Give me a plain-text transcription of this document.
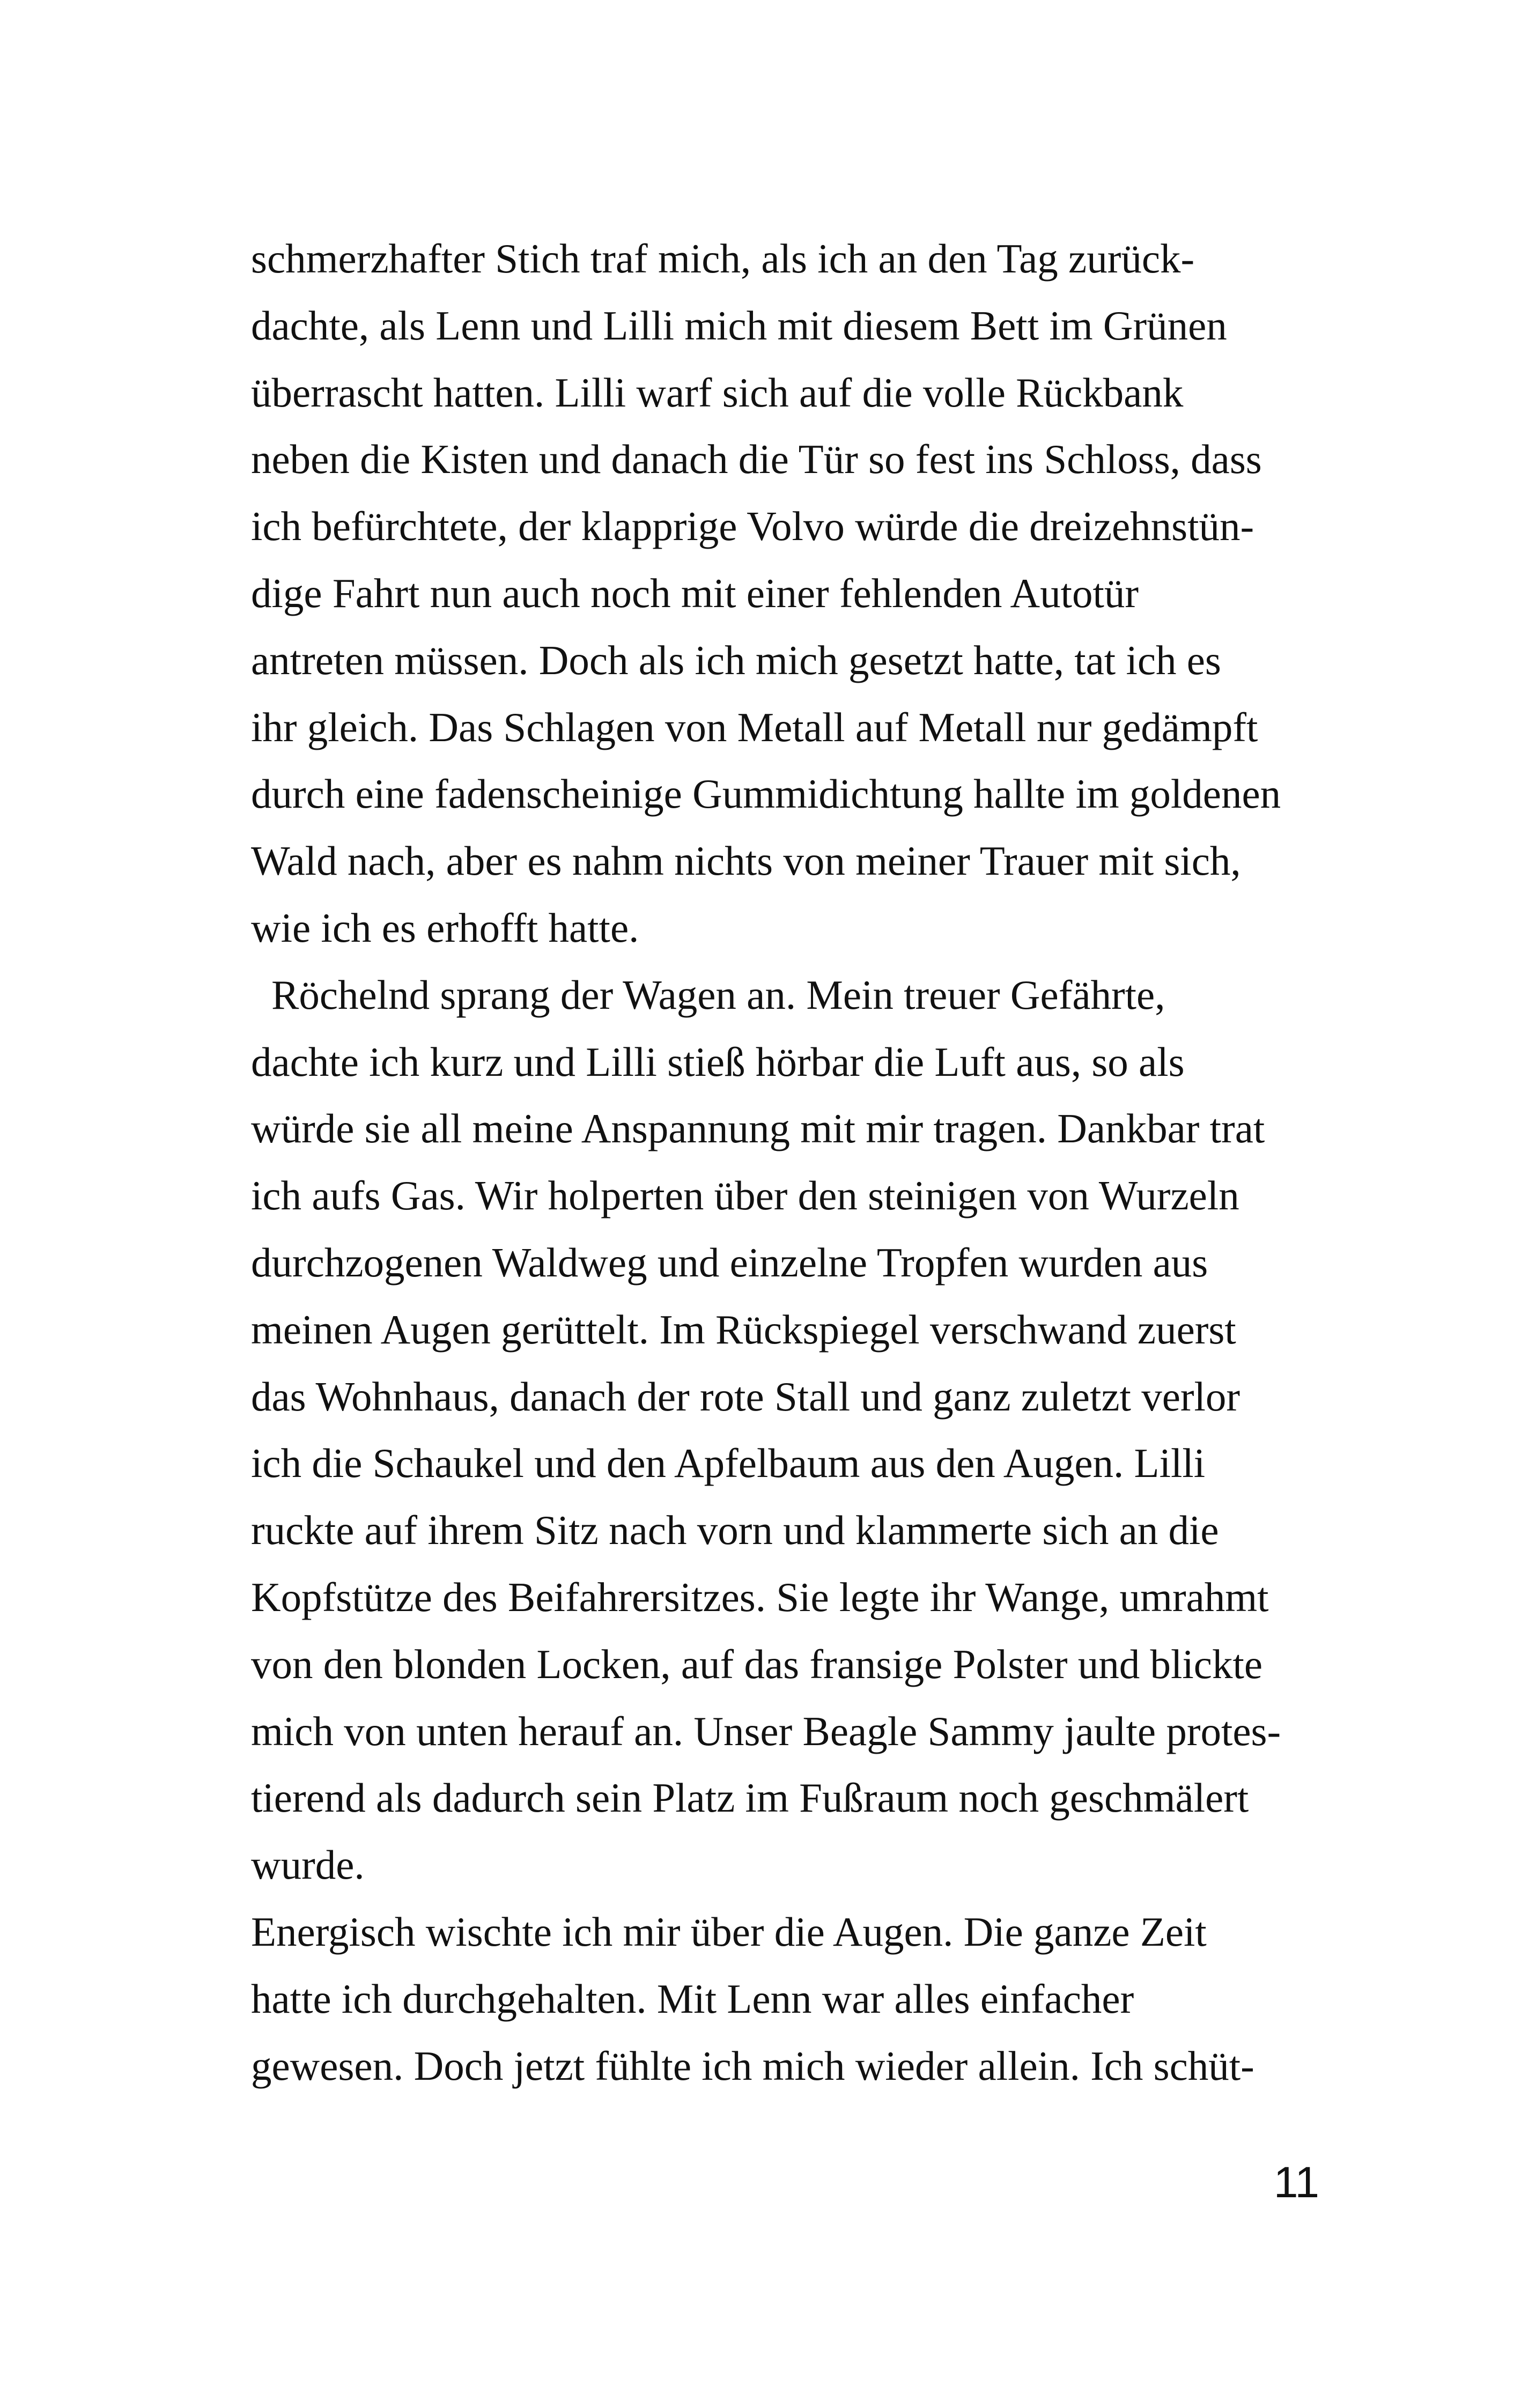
schmerzhafter Stich traf mich, als ich an den Tag zurück-
dachte, als Lenn und Lilli mich mit diesem Bett im Grünen
überrascht hatten. Lilli warf sich auf die volle Rückbank
neben die Kisten und danach die Tür so fest ins Schloss, dass
ich befürchtete, der klapprige Volvo würde die dreizehnstün-
dige Fahrt nun auch noch mit einer fehlenden Autotür
antreten müssen. Doch als ich mich gesetzt hatte, tat ich es
ihr gleich. Das Schlagen von Metall auf Metall nur gedämpft
durch eine fadenscheinige Gummidichtung hallte im goldenen
Wald nach, aber es nahm nichts von meiner Trauer mit sich,
wie ich es erhofft hatte.
Röchelnd sprang der Wagen an. Mein treuer Gefährte,
dachte ich kurz und Lilli stieß hörbar die Luft aus, so als
würde sie all meine Anspannung mit mir tragen. Dankbar trat
ich aufs Gas. Wir holperten über den steinigen von Wurzeln
durchzogenen Waldweg und einzelne Tropfen wurden aus
meinen Augen gerüttelt. Im Rückspiegel verschwand zuerst
das Wohnhaus, danach der rote Stall und ganz zuletzt verlor
ich die Schaukel und den Apfelbaum aus den Augen. Lilli
ruckte auf ihrem Sitz nach vorn und klammerte sich an die
Kopfstütze des Beifahrersitzes. Sie legte ihr Wange, umrahmt
von den blonden Locken, auf das fransige Polster und blickte
mich von unten herauf an. Unser Beagle Sammy jaulte protes-
tierend als dadurch sein Platz im Fußraum noch geschmälert
wurde.
Energisch wischte ich mir über die Augen. Die ganze Zeit
hatte ich durchgehalten. Mit Lenn war alles einfacher
gewesen. Doch jetzt fühlte ich mich wieder allein. Ich schüt-
11
